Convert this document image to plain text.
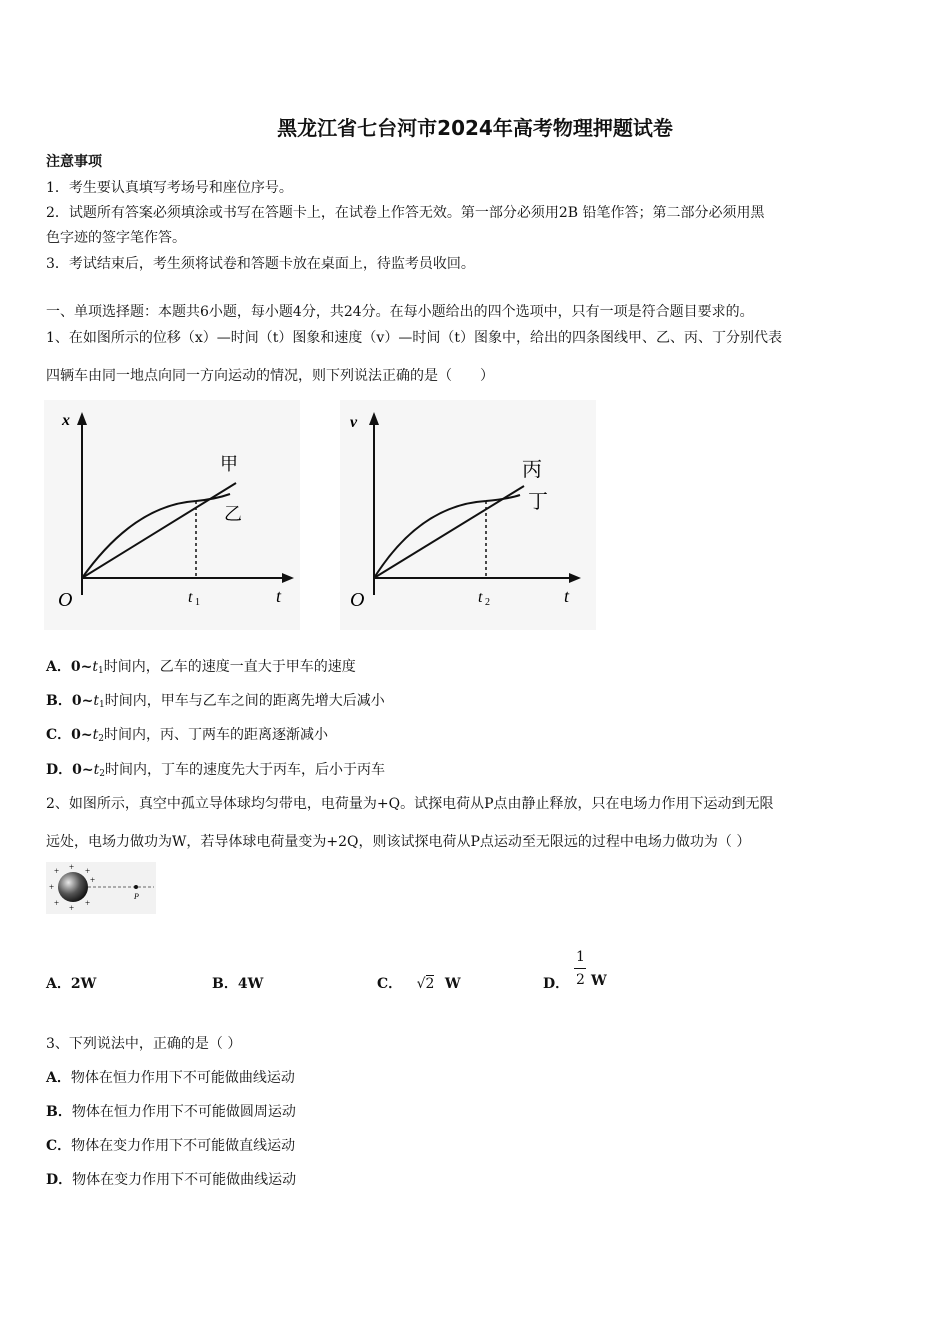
黑龙江省七台河市2024年高考物理押题试卷
注意事项
1．考生要认真填写考场号和座位序号。
2．试题所有答案必须填涂或书写在答题卡上，在试卷上作答无效。第一部分必须用2B 铅笔作答；第二部分必须用黑
色字迹的签字笔作答。
3．考试结束后，考生须将试卷和答题卡放在桌面上，待监考员收回。
一、单项选择题：本题共6小题，每小题4分，共24分。在每小题给出的四个选项中，只有一项是符合题目要求的。
1、在如图所示的位移（x）—时间（t）图象和速度（v）—时间（t）图象中，给出的四条图线甲、乙、丙、丁分别代表
四辆车由同一地点向同一方向运动的情况，则下列说法正确的是（　　）
x
O	t
t 1
甲
乙
v
O	t
t 2
丙
丁
A．$0\sim t_1$时间内，乙车的速度一直大于甲车的速度
B．$0\sim t_1$时间内，甲车与乙车之间的距离先增大后减小
C．$0\sim t_2$时间内，丙、丁两车的距离逐渐减小
D．$0\sim t_2$时间内，丁车的速度先大于丙车，后小于丙车
2、如图所示，真空中孤立导体球均匀带电，电荷量为+Q。试探电荷从P点由静止释放，只在电场力作用下运动到无限
远处，电场力做功为W，若导体球电荷量变为+2Q，则该试探电荷从P点运动至无限远的过程中电场力做功为（ ）
P
+ + +
+
+
+ + +
A．2W	B．4W	C． √2 W	D．
1
2 W
3、下列说法中，正确的是（ ）
A．物体在恒力作用下不可能做曲线运动
B．物体在恒力作用下不可能做圆周运动
C．物体在变力作用下不可能做直线运动
D．物体在变力作用下不可能做曲线运动
